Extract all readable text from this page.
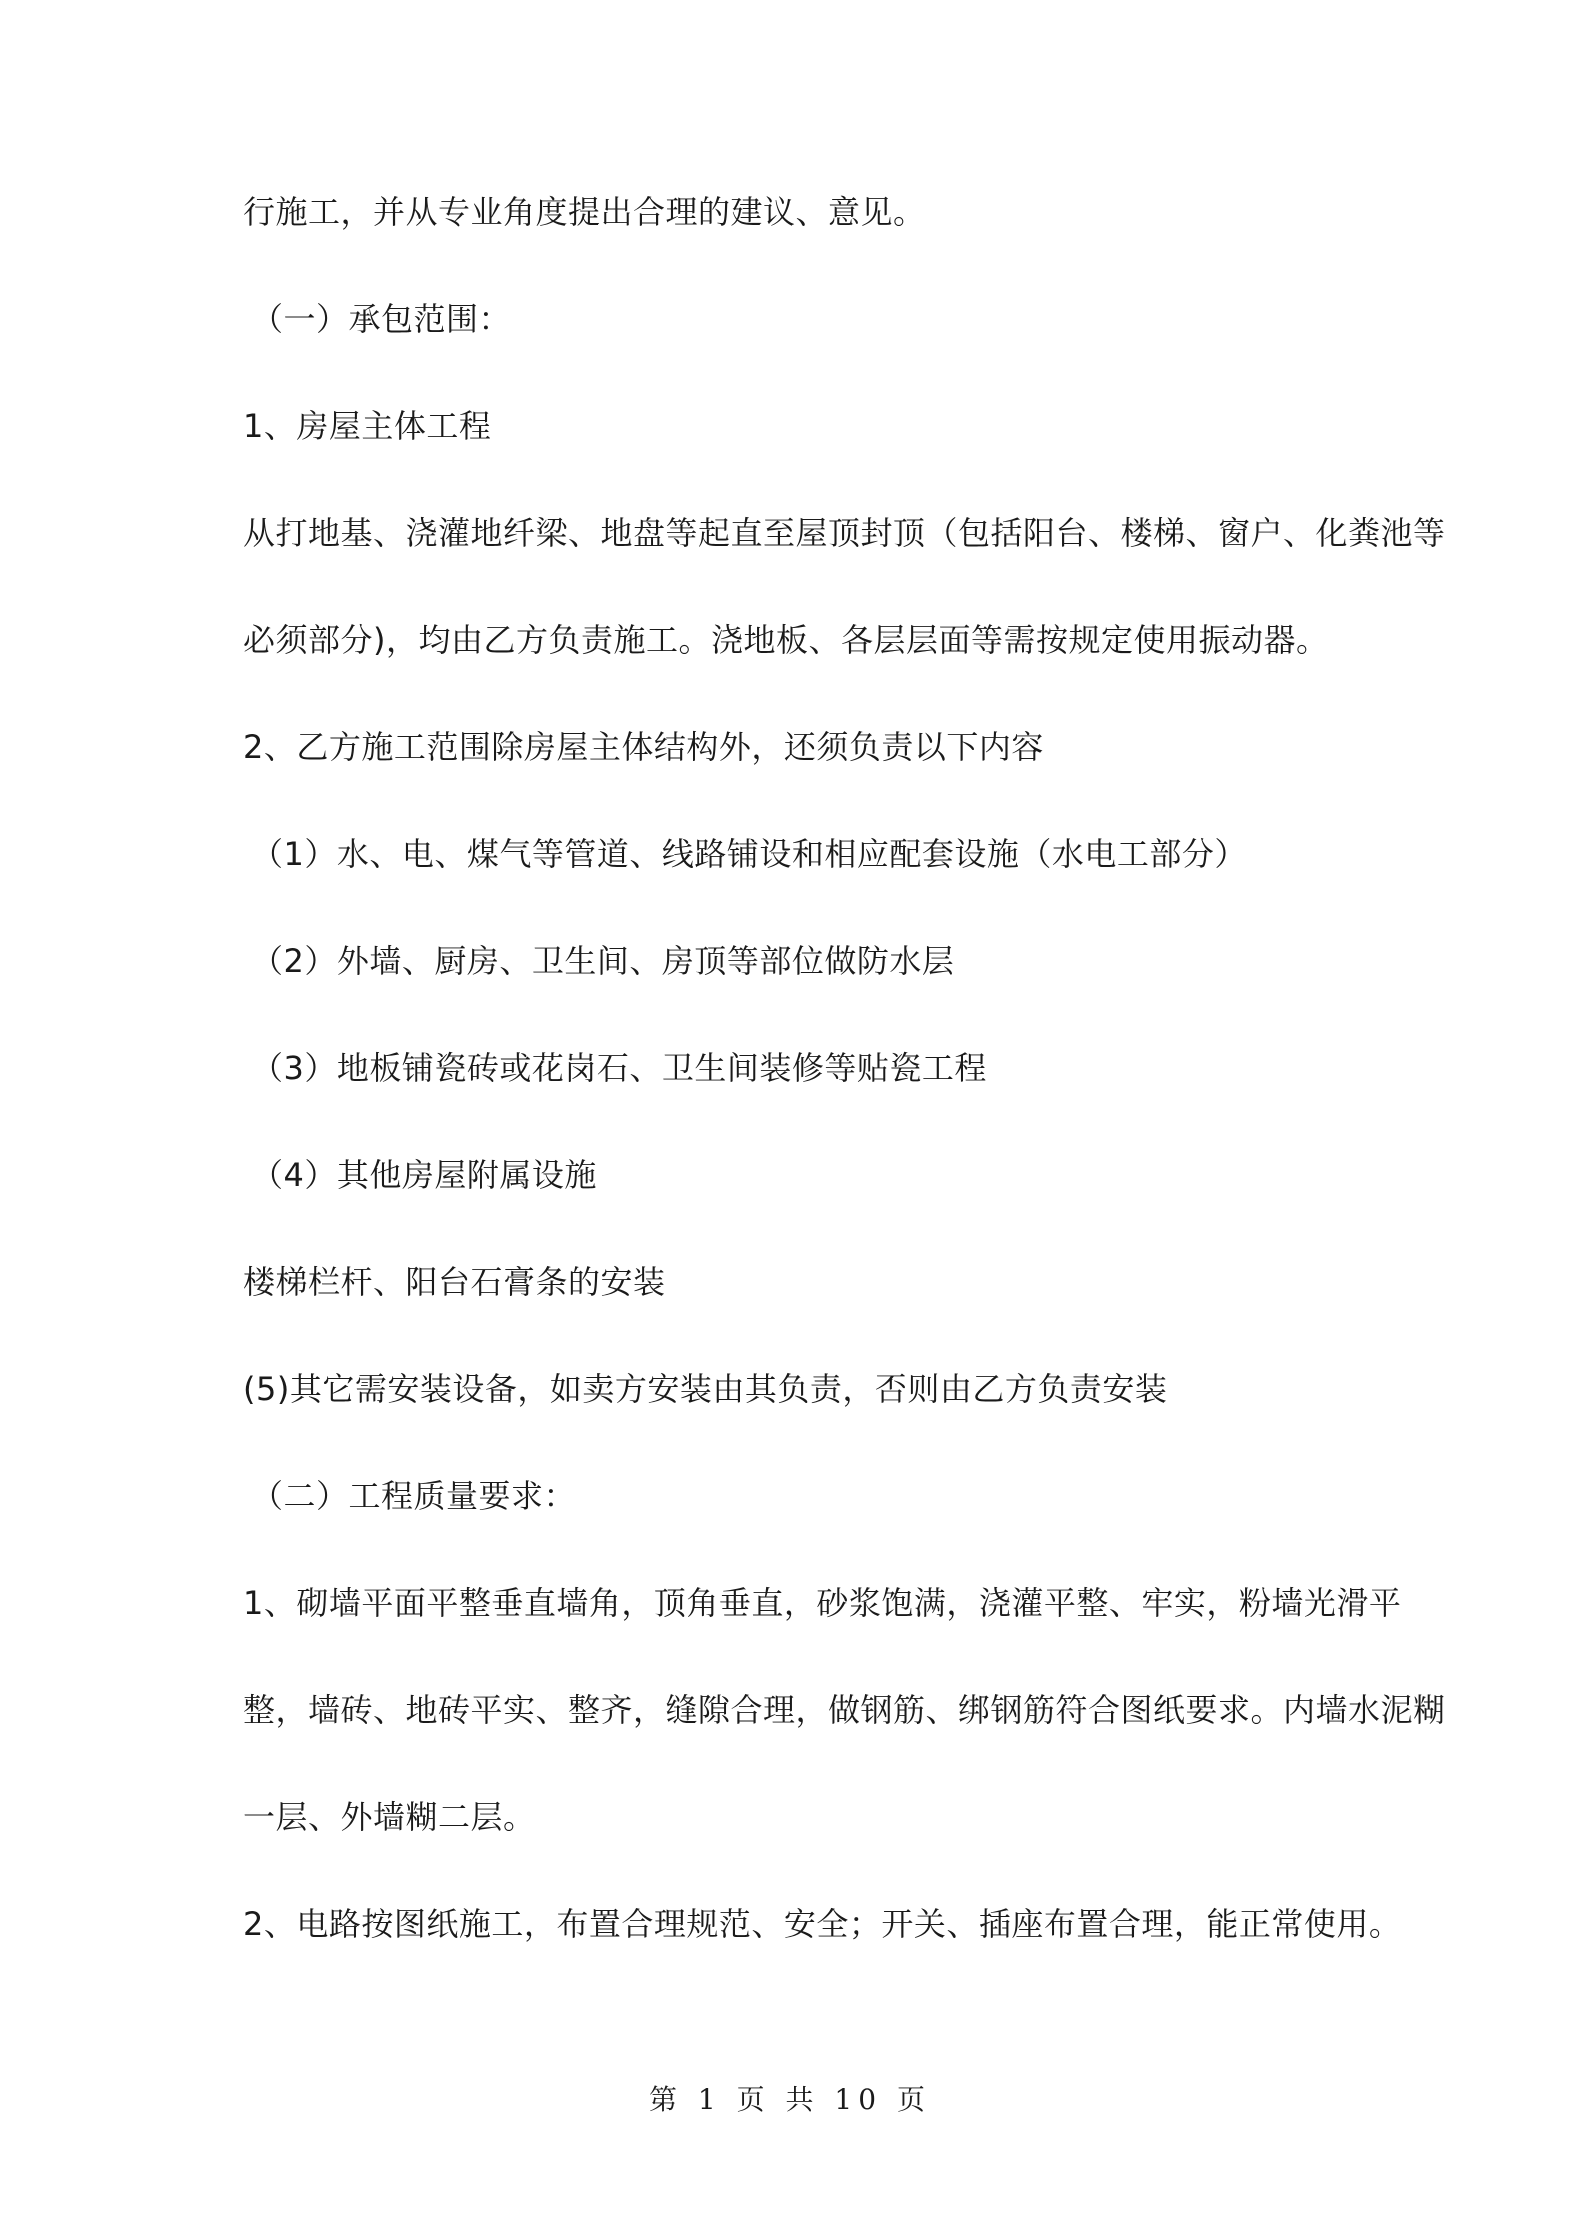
行施工，并从专业角度提出合理的建议、意见。
（一）承包范围：
1、房屋主体工程
从打地基、浇灌地纤梁、地盘等起直至屋顶封顶（包括阳台、楼梯、窗户、化粪池等
必须部分)，均由乙方负责施工。浇地板、各层层面等需按规定使用振动器。
2、乙方施工范围除房屋主体结构外，还须负责以下内容
（1）水、电、煤气等管道、线路铺设和相应配套设施（水电工部分）
（2）外墙、厨房、卫生间、房顶等部位做防水层
（3）地板铺瓷砖或花岗石、卫生间装修等贴瓷工程
（4）其他房屋附属设施
楼梯栏杆、阳台石膏条的安装
(5)其它需安装设备，如卖方安装由其负责，否则由乙方负责安装
（二）工程质量要求：
1、砌墙平面平整垂直墙角，顶角垂直，砂浆饱满，浇灌平整、牢实，粉墙光滑平
整，墙砖、地砖平实、整齐，缝隙合理，做钢筋、绑钢筋符合图纸要求。内墙水泥糊
一层、外墙糊二层。
2、电路按图纸施工，布置合理规范、安全；开关、插座布置合理，能正常使用。
第 1 页 共 10 页
